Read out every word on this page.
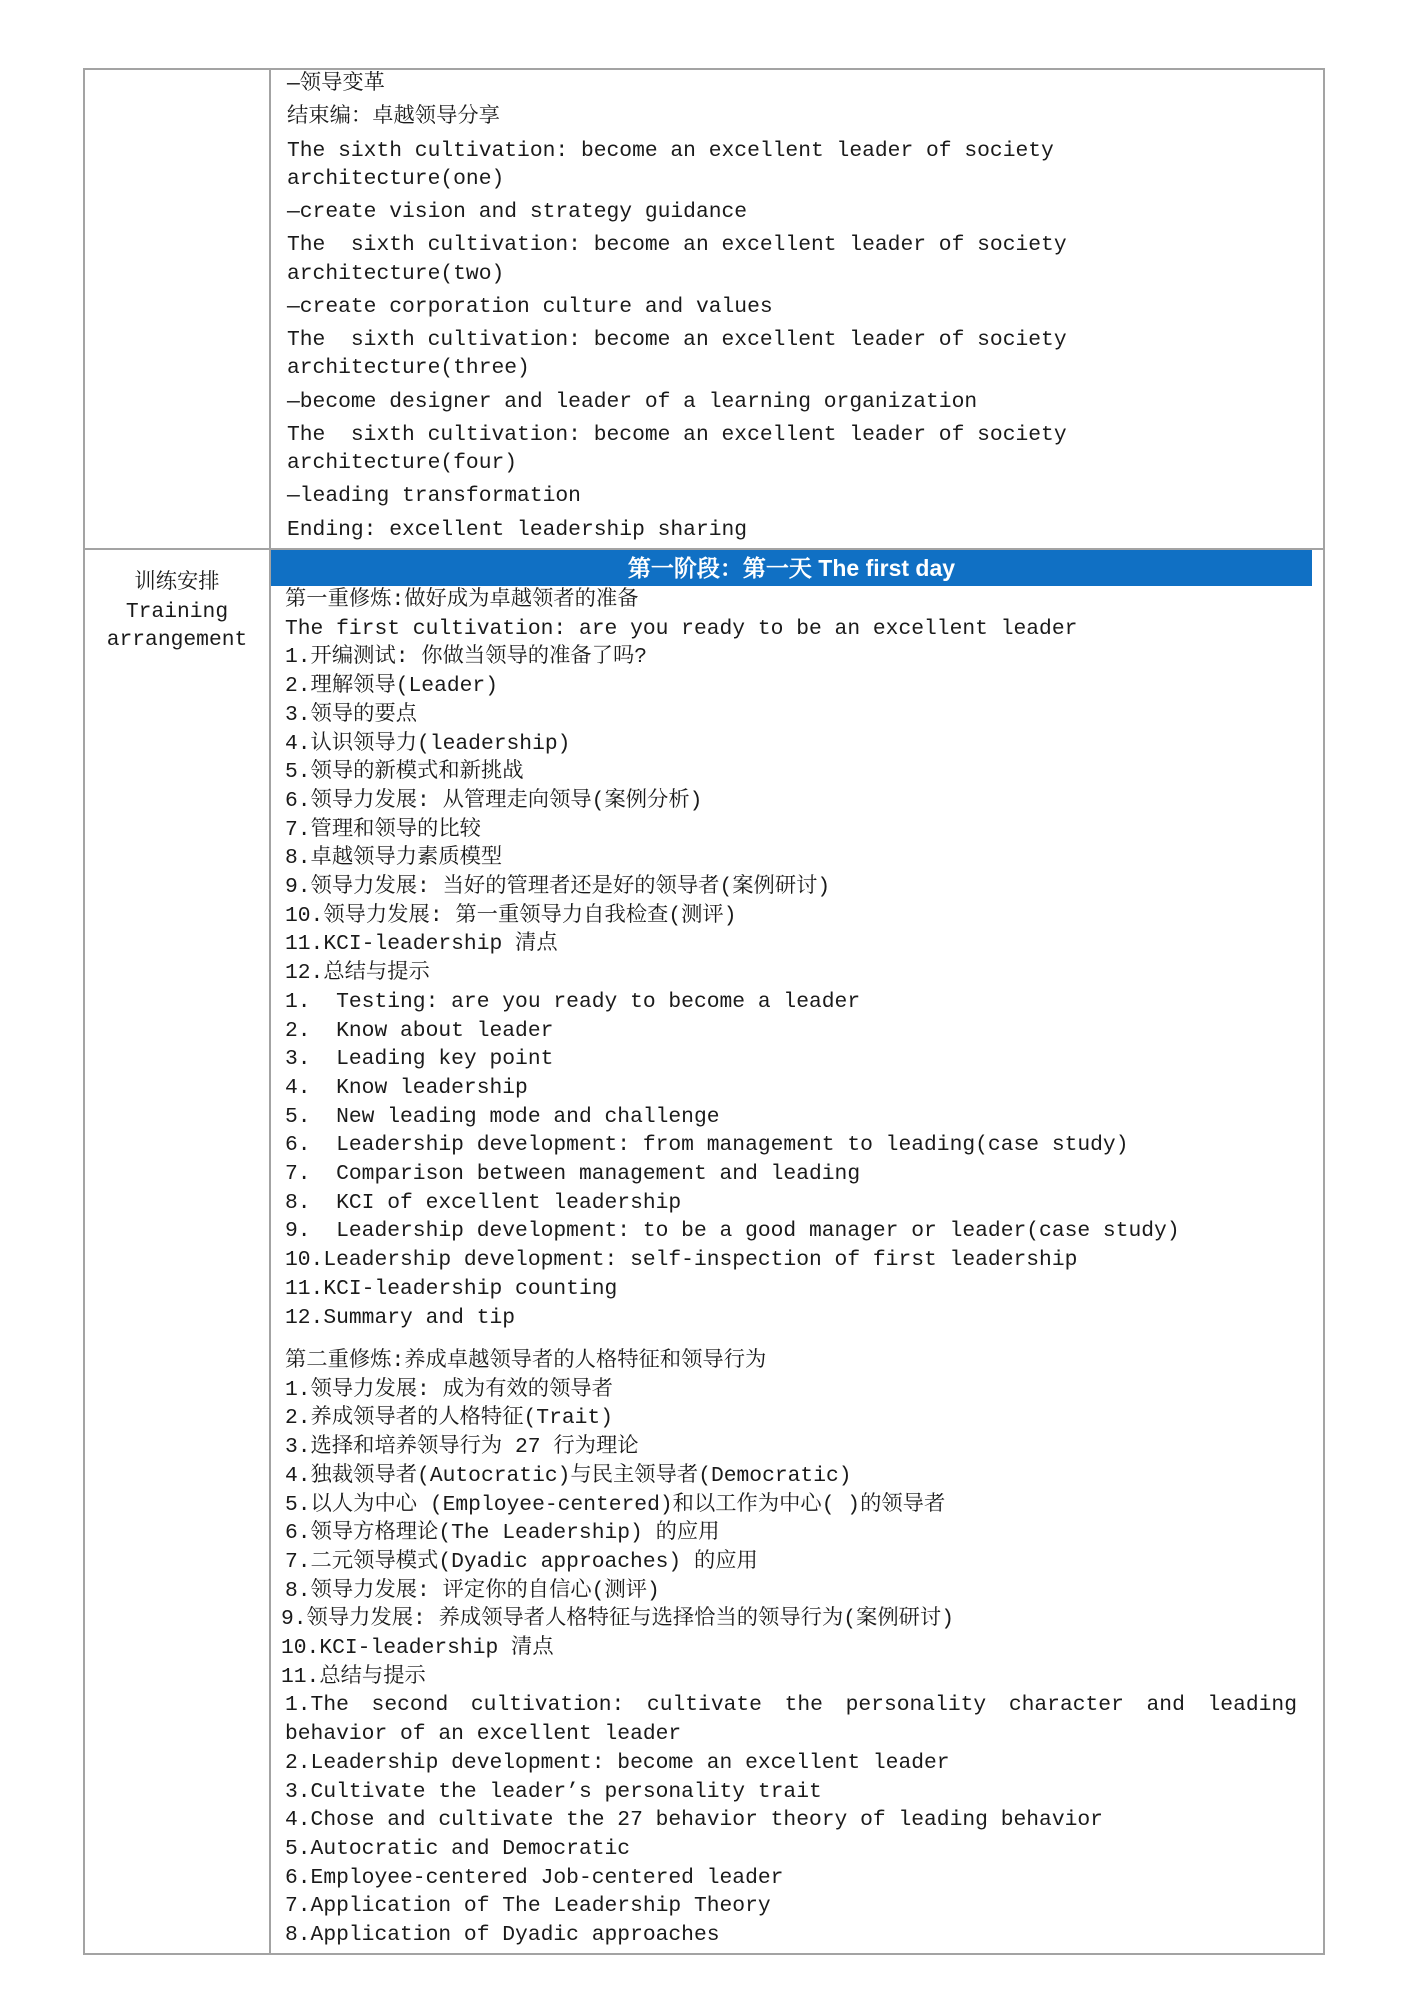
—领导变革
结束编：卓越领导分享
The sixth cultivation: become an excellent leader of society
architecture(one)
—create vision and strategy guidance
The  sixth cultivation: become an excellent leader of society
architecture(two)
—create corporation culture and values
The  sixth cultivation: become an excellent leader of society
architecture(three)
—become designer and leader of a learning organization
The  sixth cultivation: become an excellent leader of society
architecture(four)
—leading transformation
Ending: excellent leadership sharing
训练安排
Training
arrangement
第一阶段：第一天 The first day
第一重修炼:做好成为卓越领者的准备
The first cultivation: are you ready to be an excellent leader
1.开编测试: 你做当领导的准备了吗?
2.理解领导(Leader)
3.领导的要点
4.认识领导力(leadership)
5.领导的新模式和新挑战
6.领导力发展: 从管理走向领导(案例分析)
7.管理和领导的比较
8.卓越领导力素质模型
9.领导力发展: 当好的管理者还是好的领导者(案例研讨)
10.领导力发展: 第一重领导力自我检查(测评)
11.KCI-leadership 清点
12.总结与提示
1.  Testing: are you ready to become a leader
2.  Know about leader
3.  Leading key point
4.  Know leadership
5.  New leading mode and challenge
6.  Leadership development: from management to leading(case study)
7.  Comparison between management and leading
8.  KCI of excellent leadership
9.  Leadership development: to be a good manager or leader(case study)
10.Leadership development: self-inspection of first leadership
11.KCI-leadership counting
12.Summary and tip
第二重修炼:养成卓越领导者的人格特征和领导行为
1.领导力发展: 成为有效的领导者
2.养成领导者的人格特征(Trait)
3.选择和培养领导行为 27 行为理论
4.独裁领导者(Autocratic)与民主领导者(Democratic)
5.以人为中心 (Employee-centered)和以工作为中心( )的领导者
6.领导方格理论(The Leadership) 的应用
7.二元领导模式(Dyadic approaches) 的应用
8.领导力发展: 评定你的自信心(测评)
9.领导力发展: 养成领导者人格特征与选择恰当的领导行为(案例研讨)
10.KCI-leadership 清点
11.总结与提示
1.The second cultivation: cultivate the personality character and leading
behavior of an excellent leader
2.Leadership development: become an excellent leader
3.Cultivate the leader’s personality trait
4.Chose and cultivate the 27 behavior theory of leading behavior
5.Autocratic and Democratic
6.Employee-centered Job-centered leader
7.Application of The Leadership Theory
8.Application of Dyadic approaches
